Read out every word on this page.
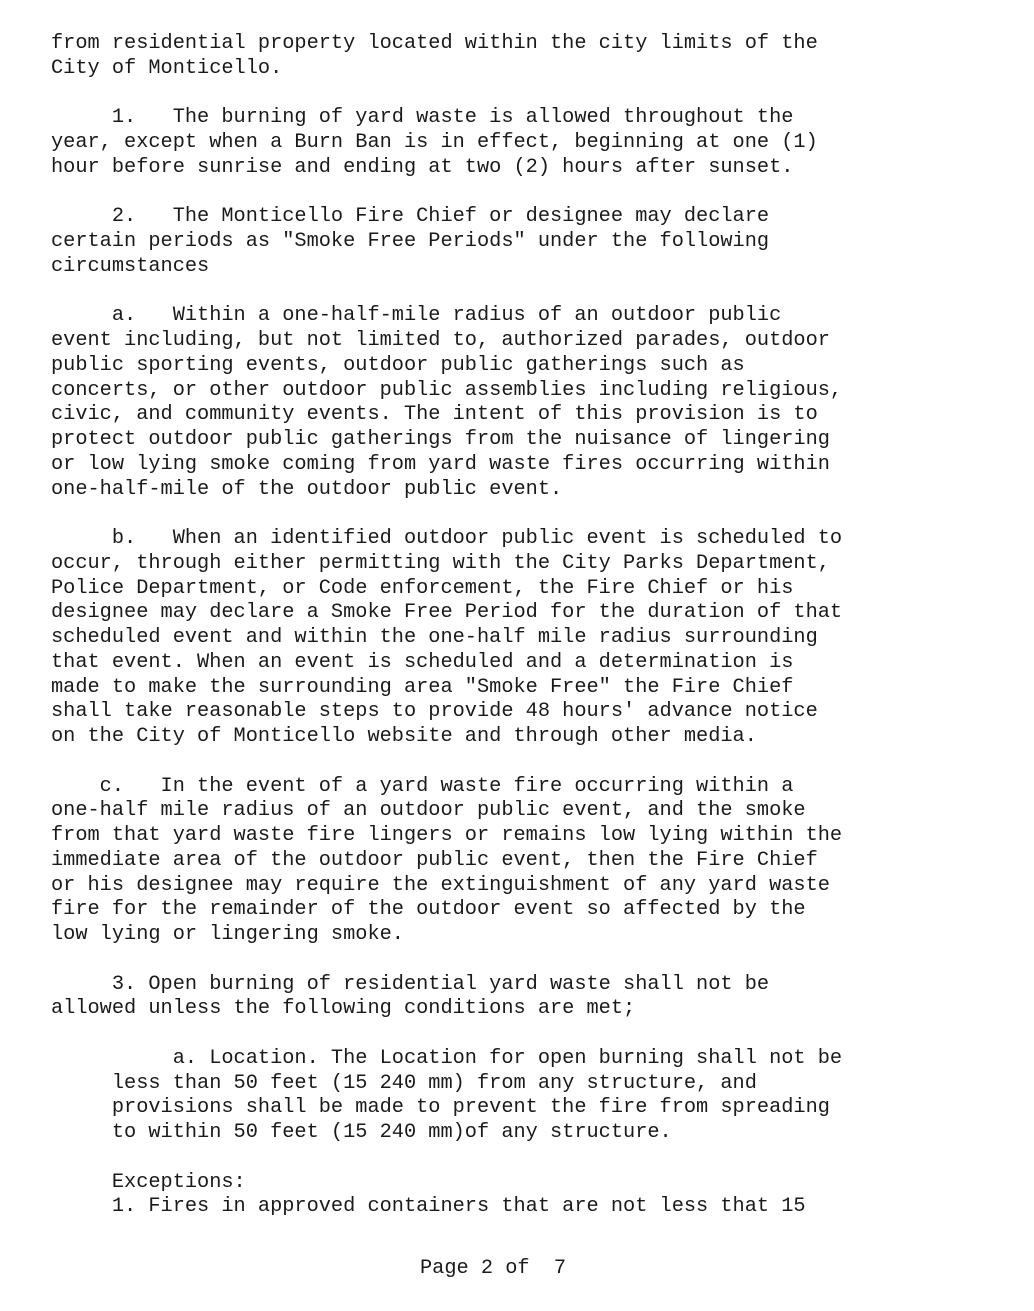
from residential property located within the city limits of the
City of Monticello.

1.   The burning of yard waste is allowed throughout the
year, except when a Burn Ban is in effect, beginning at one (1)
hour before sunrise and ending at two (2) hours after sunset.

2.   The Monticello Fire Chief or designee may declare
certain periods as "Smoke Free Periods" under the following
circumstances

a.   Within a one-half-mile radius of an outdoor public
event including, but not limited to, authorized parades, outdoor
public sporting events, outdoor public gatherings such as
concerts, or other outdoor public assemblies including religious,
civic, and community events. The intent of this provision is to
protect outdoor public gatherings from the nuisance of lingering
or low lying smoke coming from yard waste fires occurring within
one-half-mile of the outdoor public event.

b.   When an identified outdoor public event is scheduled to
occur, through either permitting with the City Parks Department,
Police Department, or Code enforcement, the Fire Chief or his
designee may declare a Smoke Free Period for the duration of that
scheduled event and within the one-half mile radius surrounding
that event. When an event is scheduled and a determination is
made to make the surrounding area "Smoke Free" the Fire Chief
shall take reasonable steps to provide 48 hours' advance notice
on the City of Monticello website and through other media.

c.   In the event of a yard waste fire occurring within a
one-half mile radius of an outdoor public event, and the smoke
from that yard waste fire lingers or remains low lying within the
immediate area of the outdoor public event, then the Fire Chief
or his designee may require the extinguishment of any yard waste
fire for the remainder of the outdoor event so affected by the
low lying or lingering smoke.

3. Open burning of residential yard waste shall not be
allowed unless the following conditions are met;

a. Location. The Location for open burning shall not be
less than 50 feet (15 240 mm) from any structure, and
provisions shall be made to prevent the fire from spreading
to within 50 feet (15 240 mm)of any structure.

Exceptions:
1. Fires in approved containers that are not less that 15

Page 2 of  7
